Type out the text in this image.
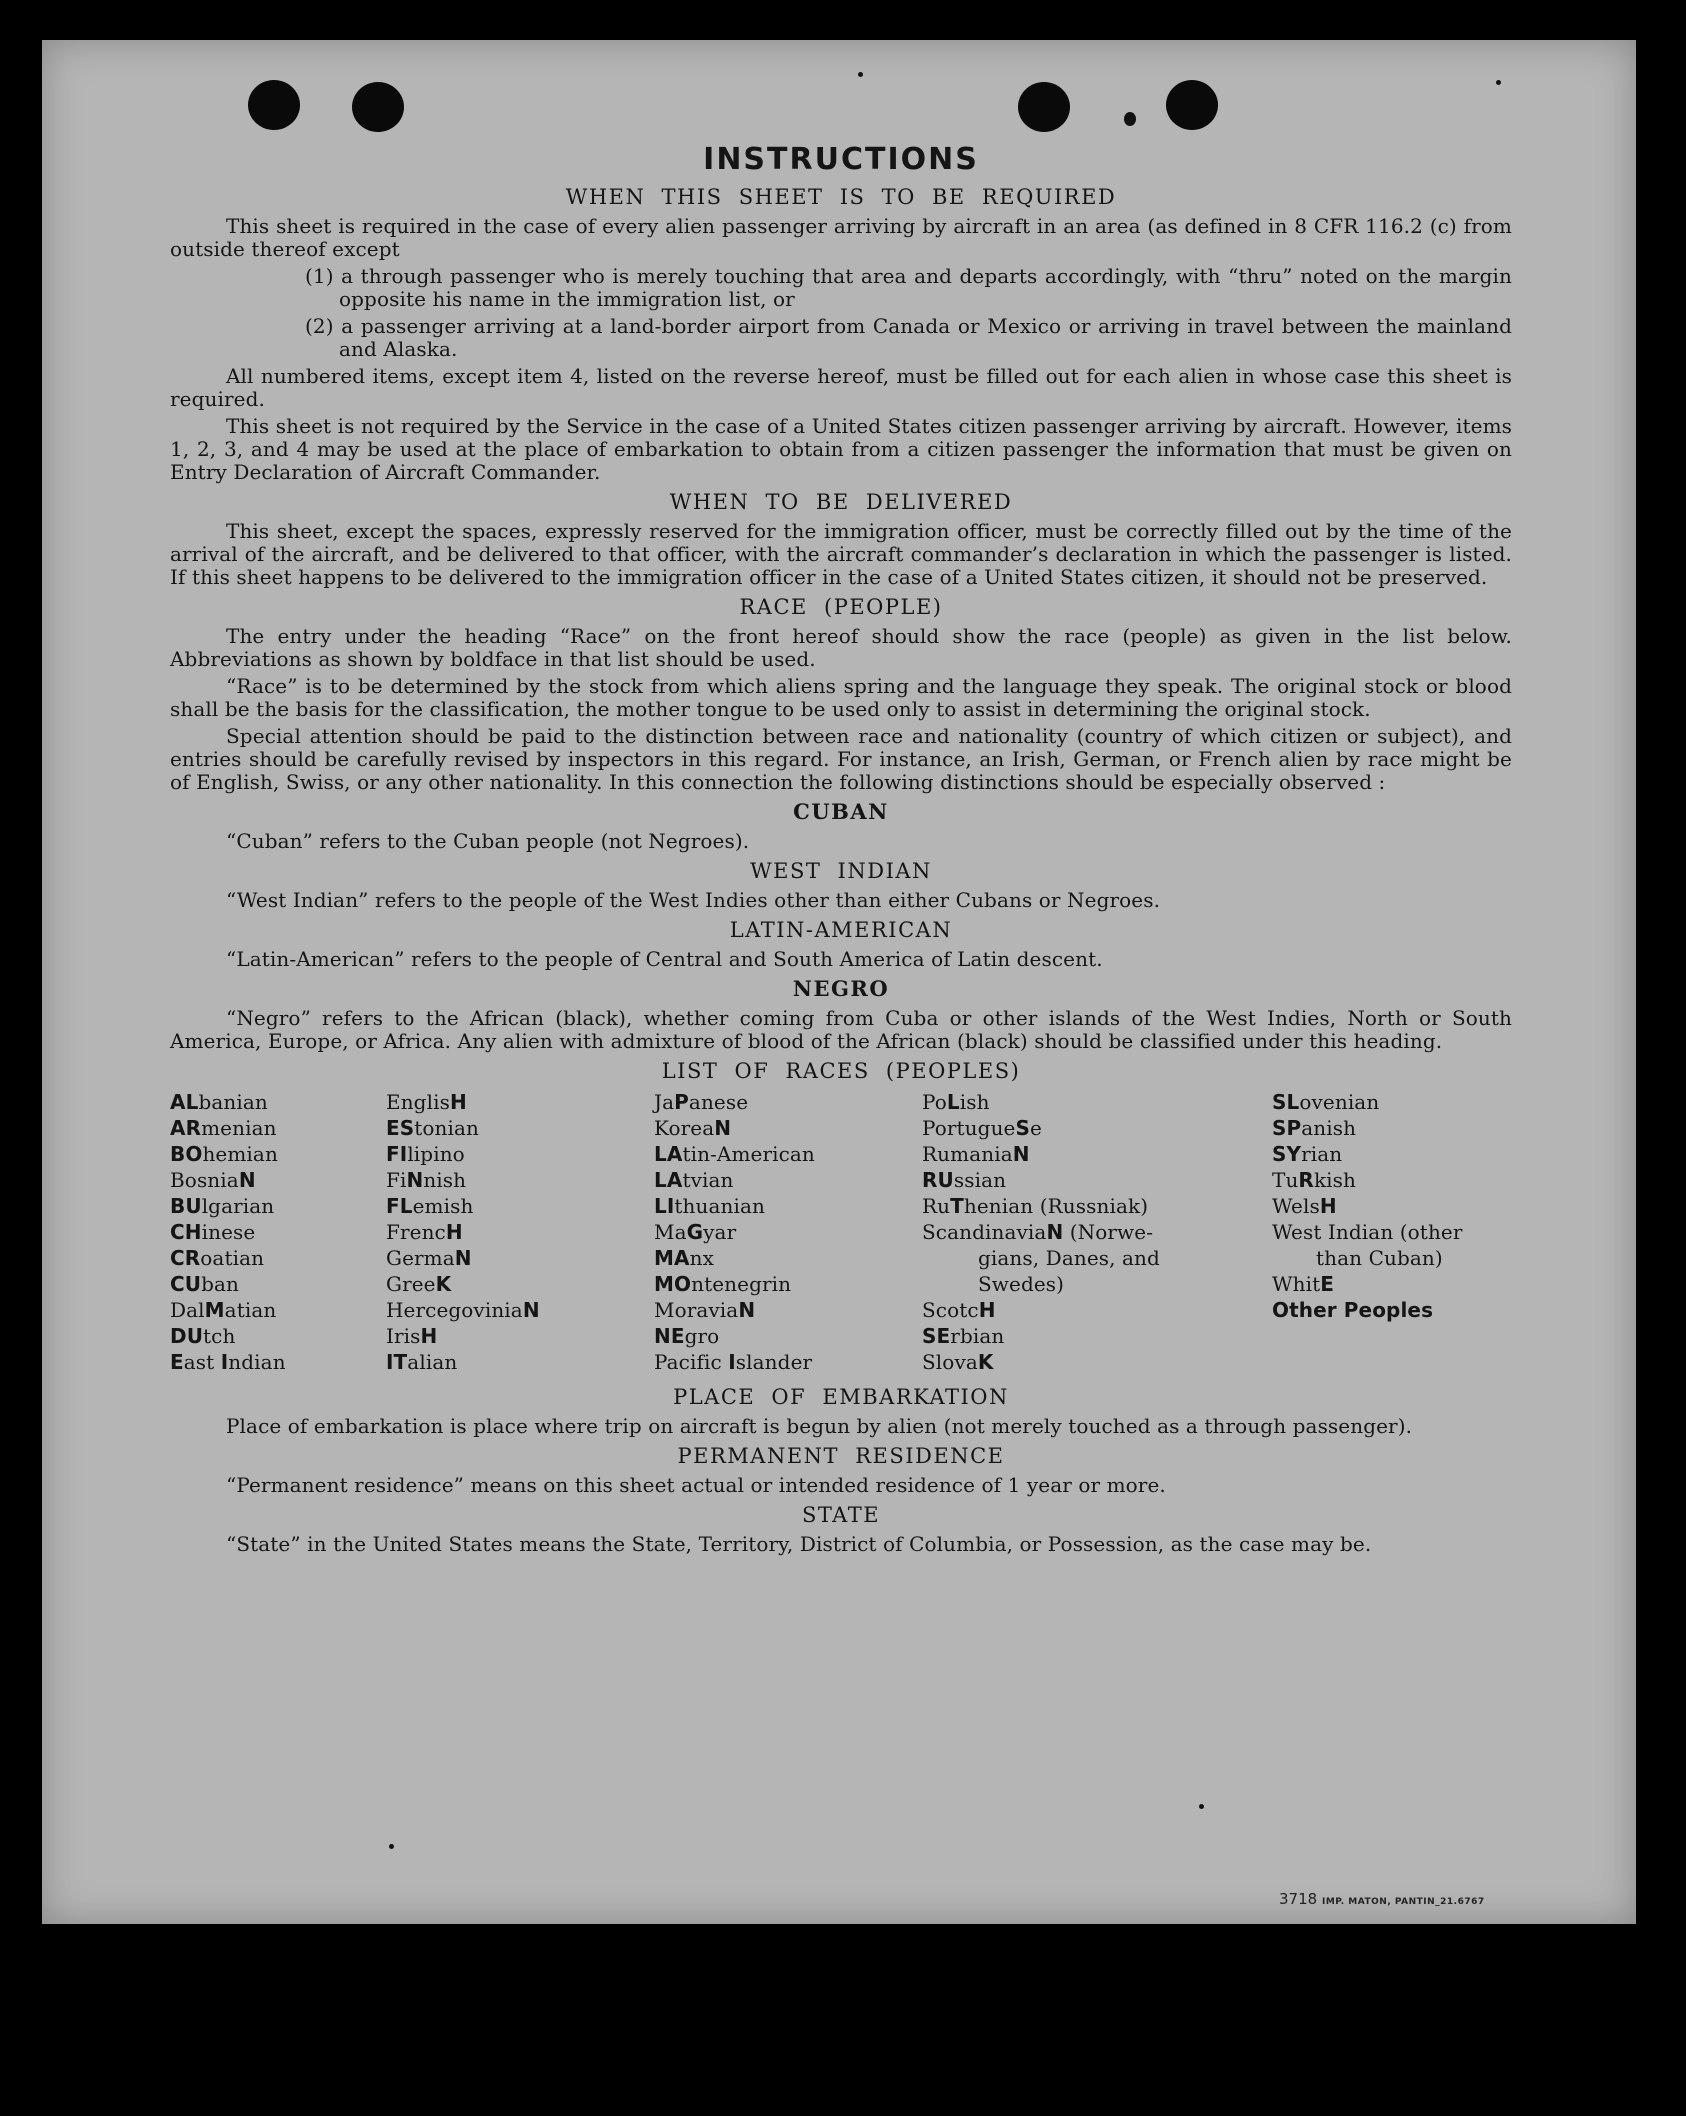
INSTRUCTIONS
WHEN THIS SHEET IS TO BE REQUIRED

This sheet is required in the case of every alien passenger arriving by aircraft in an area (as defined in 8 CFR 116.2 (c) from outside thereof except

(1) a through passenger who is merely touching that area and departs accordingly, with “thru” noted on the margin opposite his name in the immigration list, or
(2) a passenger arriving at a land-border airport from Canada or Mexico or arriving in travel between the mainland and Alaska.

All numbered items, except item 4, listed on the reverse hereof, must be filled out for each alien in whose case this sheet is required.

This sheet is not required by the Service in the case of a United States citizen passenger arriving by aircraft. However, items 1, 2, 3, and 4 may be used at the place of embarkation to obtain from a citizen passenger the information that must be given on Entry Declaration of Aircraft Commander.

WHEN TO BE DELIVERED

This sheet, except the spaces, expressly reserved for the immigration officer, must be correctly filled out by the time of the arrival of the aircraft, and be delivered to that officer, with the aircraft commander’s declaration in which the passenger is listed. If this sheet happens to be delivered to the immigration officer in the case of a United States citizen, it should not be preserved.

RACE (PEOPLE)

The entry under the heading “Race” on the front hereof should show the race (people) as given in the list below. Abbreviations as shown by boldface in that list should be used.

“Race” is to be determined by the stock from which aliens spring and the language they speak. The original stock or blood shall be the basis for the classification, the mother tongue to be used only to assist in determining the original stock.

Special attention should be paid to the distinction between race and nationality (country of which citizen or subject), and entries should be carefully revised by inspectors in this regard. For instance, an Irish, German, or French alien by race might be of English, Swiss, or any other nationality. In this connection the following distinctions should be especially observed :

CUBAN

“Cuban” refers to the Cuban people (not Negroes).

WEST INDIAN

“West Indian” refers to the people of the West Indies other than either Cubans or Negroes.

LATIN-AMERICAN

“Latin-American” refers to the people of Central and South America of Latin descent.

NEGRO

“Negro” refers to the African (black), whether coming from Cuba or other islands of the West Indies, North or South America, Europe, or Africa. Any alien with admixture of blood of the African (black) should be classified under this heading.

LIST OF RACES (PEOPLES)
ALbanian
ARmenian
BOhemian
BosniaN
BUlgarian
CHinese
CRoatian
CUban
DalMatian
DUtch
East Indian
EnglisH
EStonian
FIlipino
FiNnish
FLemish
FrencH
GermaN
GreeK
HercegoviniaN
IrisH
ITalian
JaPanese
KoreaN
LAtin-American
LAtvian
LIthuanian
MaGyar
MAnx
MOntenegrin
MoraviaN
NEgro
Pacific Islander
PoLish
PortugueSe
RumaniaN
RUssian
RuThenian (Russniak)
ScandinaviaN (Norwe-
gians, Danes, and
Swedes)
ScotcH
SErbian
SlovaK
SLovenian
SPanish
SYrian
TuRkish
WelsH
West Indian (other
than Cuban)
WhitE
Other Peoples
PLACE OF EMBARKATION

Place of embarkation is place where trip on aircraft is begun by alien (not merely touched as a through passenger).

PERMANENT RESIDENCE

“Permanent residence” means on this sheet actual or intended residence of 1 year or more.

STATE

“State” in the United States means the State, Territory, District of Columbia, or Possession, as the case may be.

3718 IMP. MATON, PANTIN_21.6767
